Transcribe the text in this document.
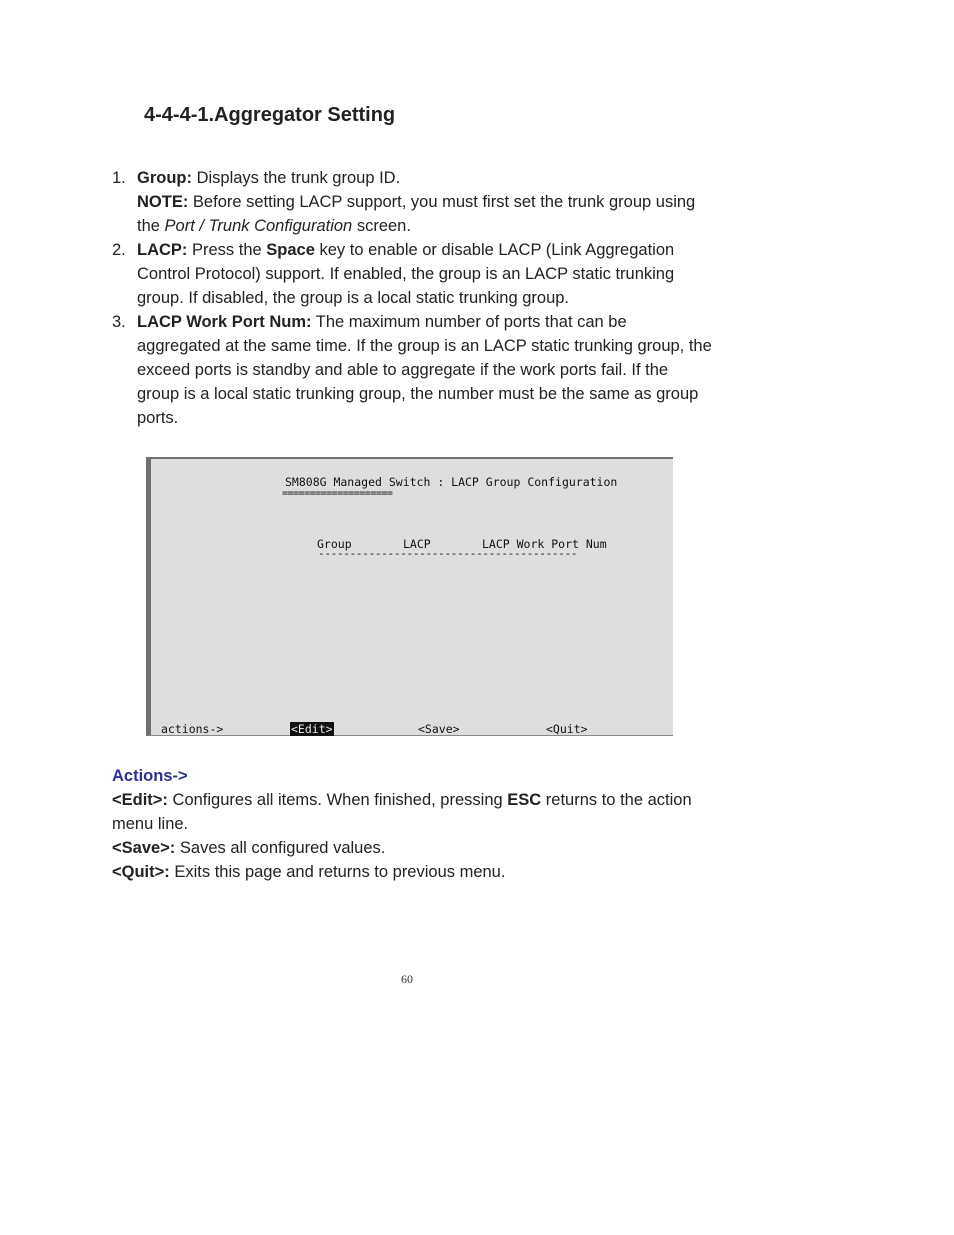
4-4-4-1.Aggregator Setting
1. Group: Displays the trunk group ID.

NOTE: Before setting LACP support, you must first set the trunk group using the Port / Trunk Configuration screen.

2. LACP: Press the Space key to enable or disable LACP (Link Aggregation Control Protocol) support. If enabled, the group is an LACP static trunking group. If disabled, the group is a local static trunking group.

3. LACP Work Port Num: The maximum number of ports that can be aggregated at the same time. If the group is an LACP static trunking group, the exceed ports is standby and able to aggregate if the work ports fail. If the group is a local static trunking group, the number must be the same as group ports.

SM808G Managed Switch : LACP Group Configuration
====================
Group	LACP	LACP Work Port Num
-----------------------------------------
actions->	<Edit>	<Save>	<Quit>

Actions->

<Edit>: Configures all items. When finished, pressing ESC returns to the action menu line.

<Save>: Saves all configured values.

<Quit>: Exits this page and returns to previous menu.

60
